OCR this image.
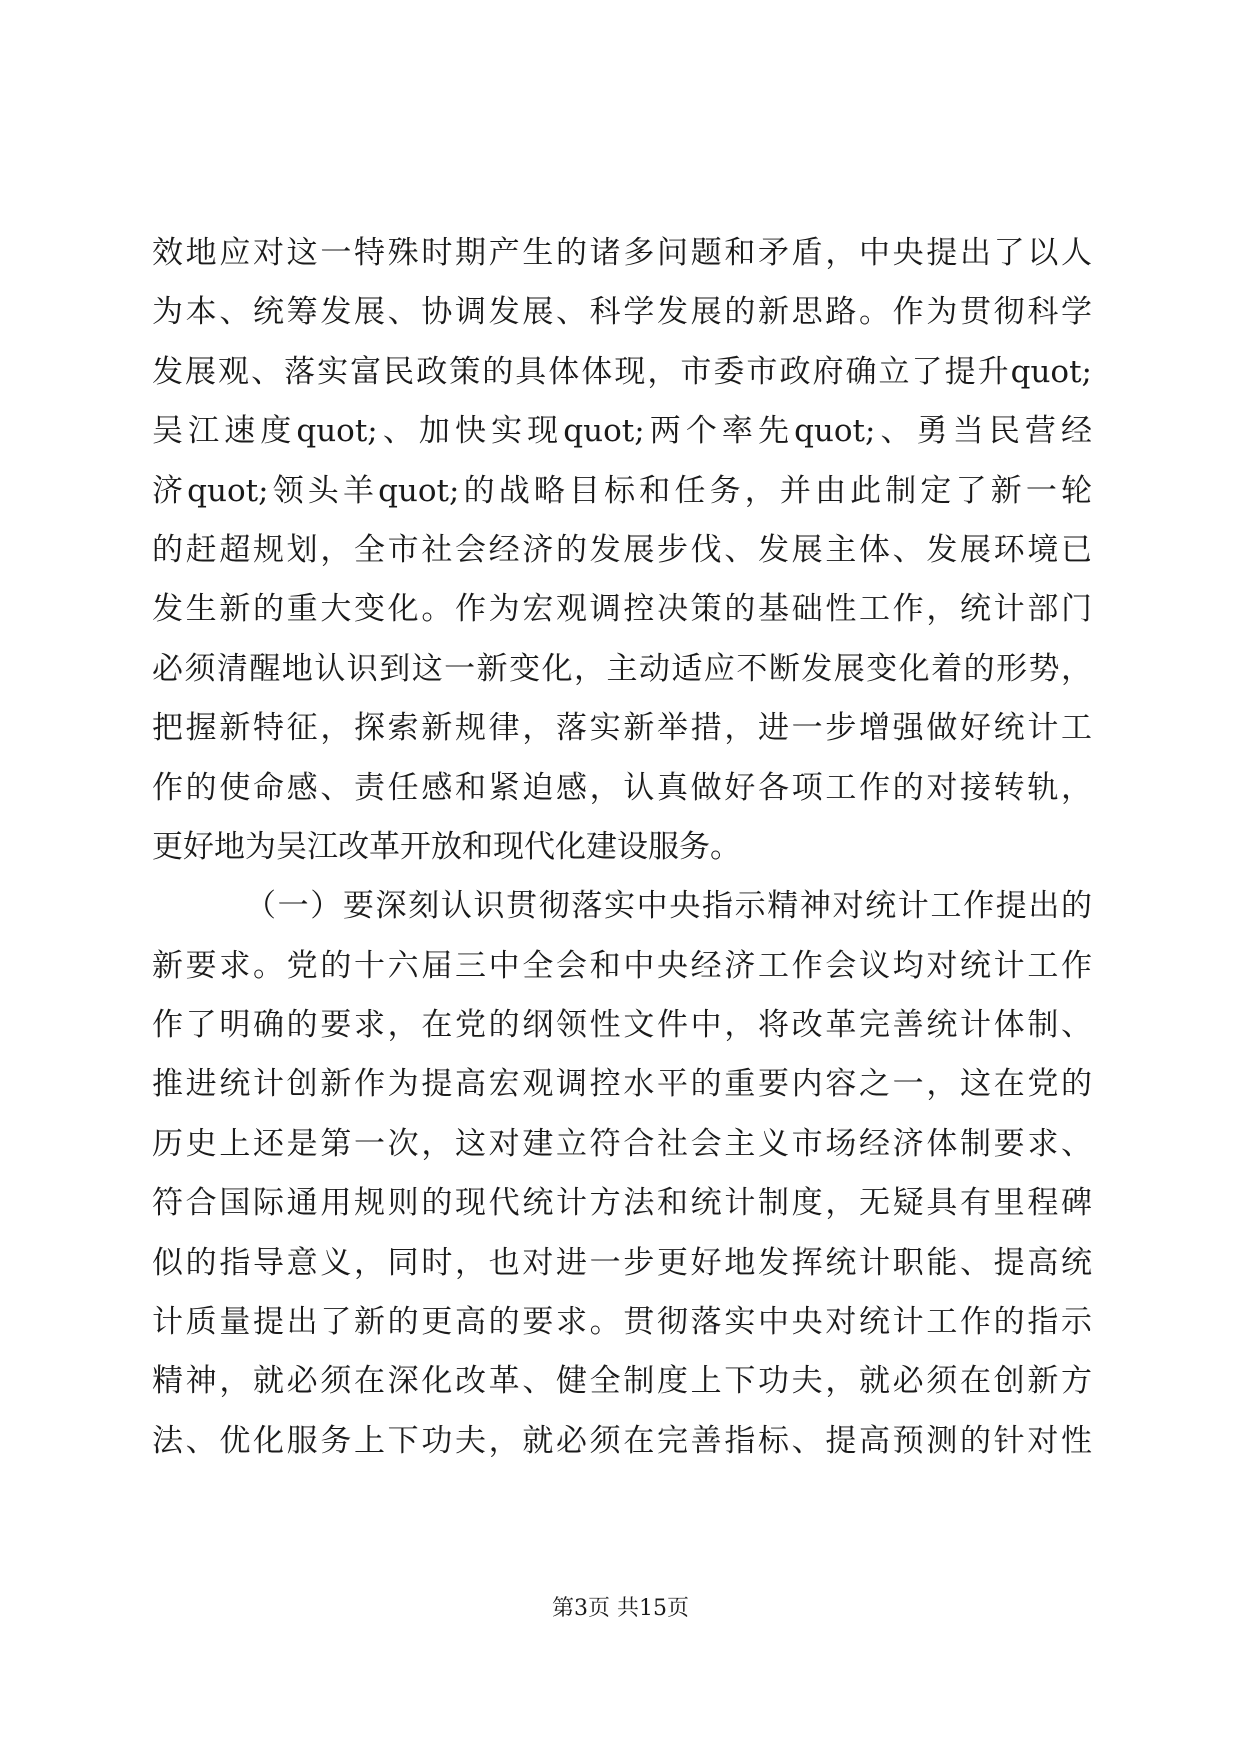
效地应对这一特殊时期产生的诸多问题和矛盾，中央提出了以人
为本、统筹发展、协调发展、科学发展的新思路。作为贯彻科学
发展观、落实富民政策的具体体现，市委市政府确立了提升quot;
吴江速度quot;、加快实现quot;两个率先quot;、勇当民营经
济quot;领头羊quot;的战略目标和任务，并由此制定了新一轮
的赶超规划，全市社会经济的发展步伐、发展主体、发展环境已
发生新的重大变化。作为宏观调控决策的基础性工作，统计部门
必须清醒地认识到这一新变化，主动适应不断发展变化着的形势，
把握新特征，探索新规律，落实新举措，进一步增强做好统计工
作的使命感、责任感和紧迫感，认真做好各项工作的对接转轨，
更好地为吴江改革开放和现代化建设服务。
（一）要深刻认识贯彻落实中央指示精神对统计工作提出的
新要求。党的十六届三中全会和中央经济工作会议均对统计工作
作了明确的要求，在党的纲领性文件中，将改革完善统计体制、
推进统计创新作为提高宏观调控水平的重要内容之一，这在党的
历史上还是第一次，这对建立符合社会主义市场经济体制要求、
符合国际通用规则的现代统计方法和统计制度，无疑具有里程碑
似的指导意义，同时，也对进一步更好地发挥统计职能、提高统
计质量提出了新的更高的要求。贯彻落实中央对统计工作的指示
精神，就必须在深化改革、健全制度上下功夫，就必须在创新方
法、优化服务上下功夫，就必须在完善指标、提高预测的针对性
第3页 共15页
